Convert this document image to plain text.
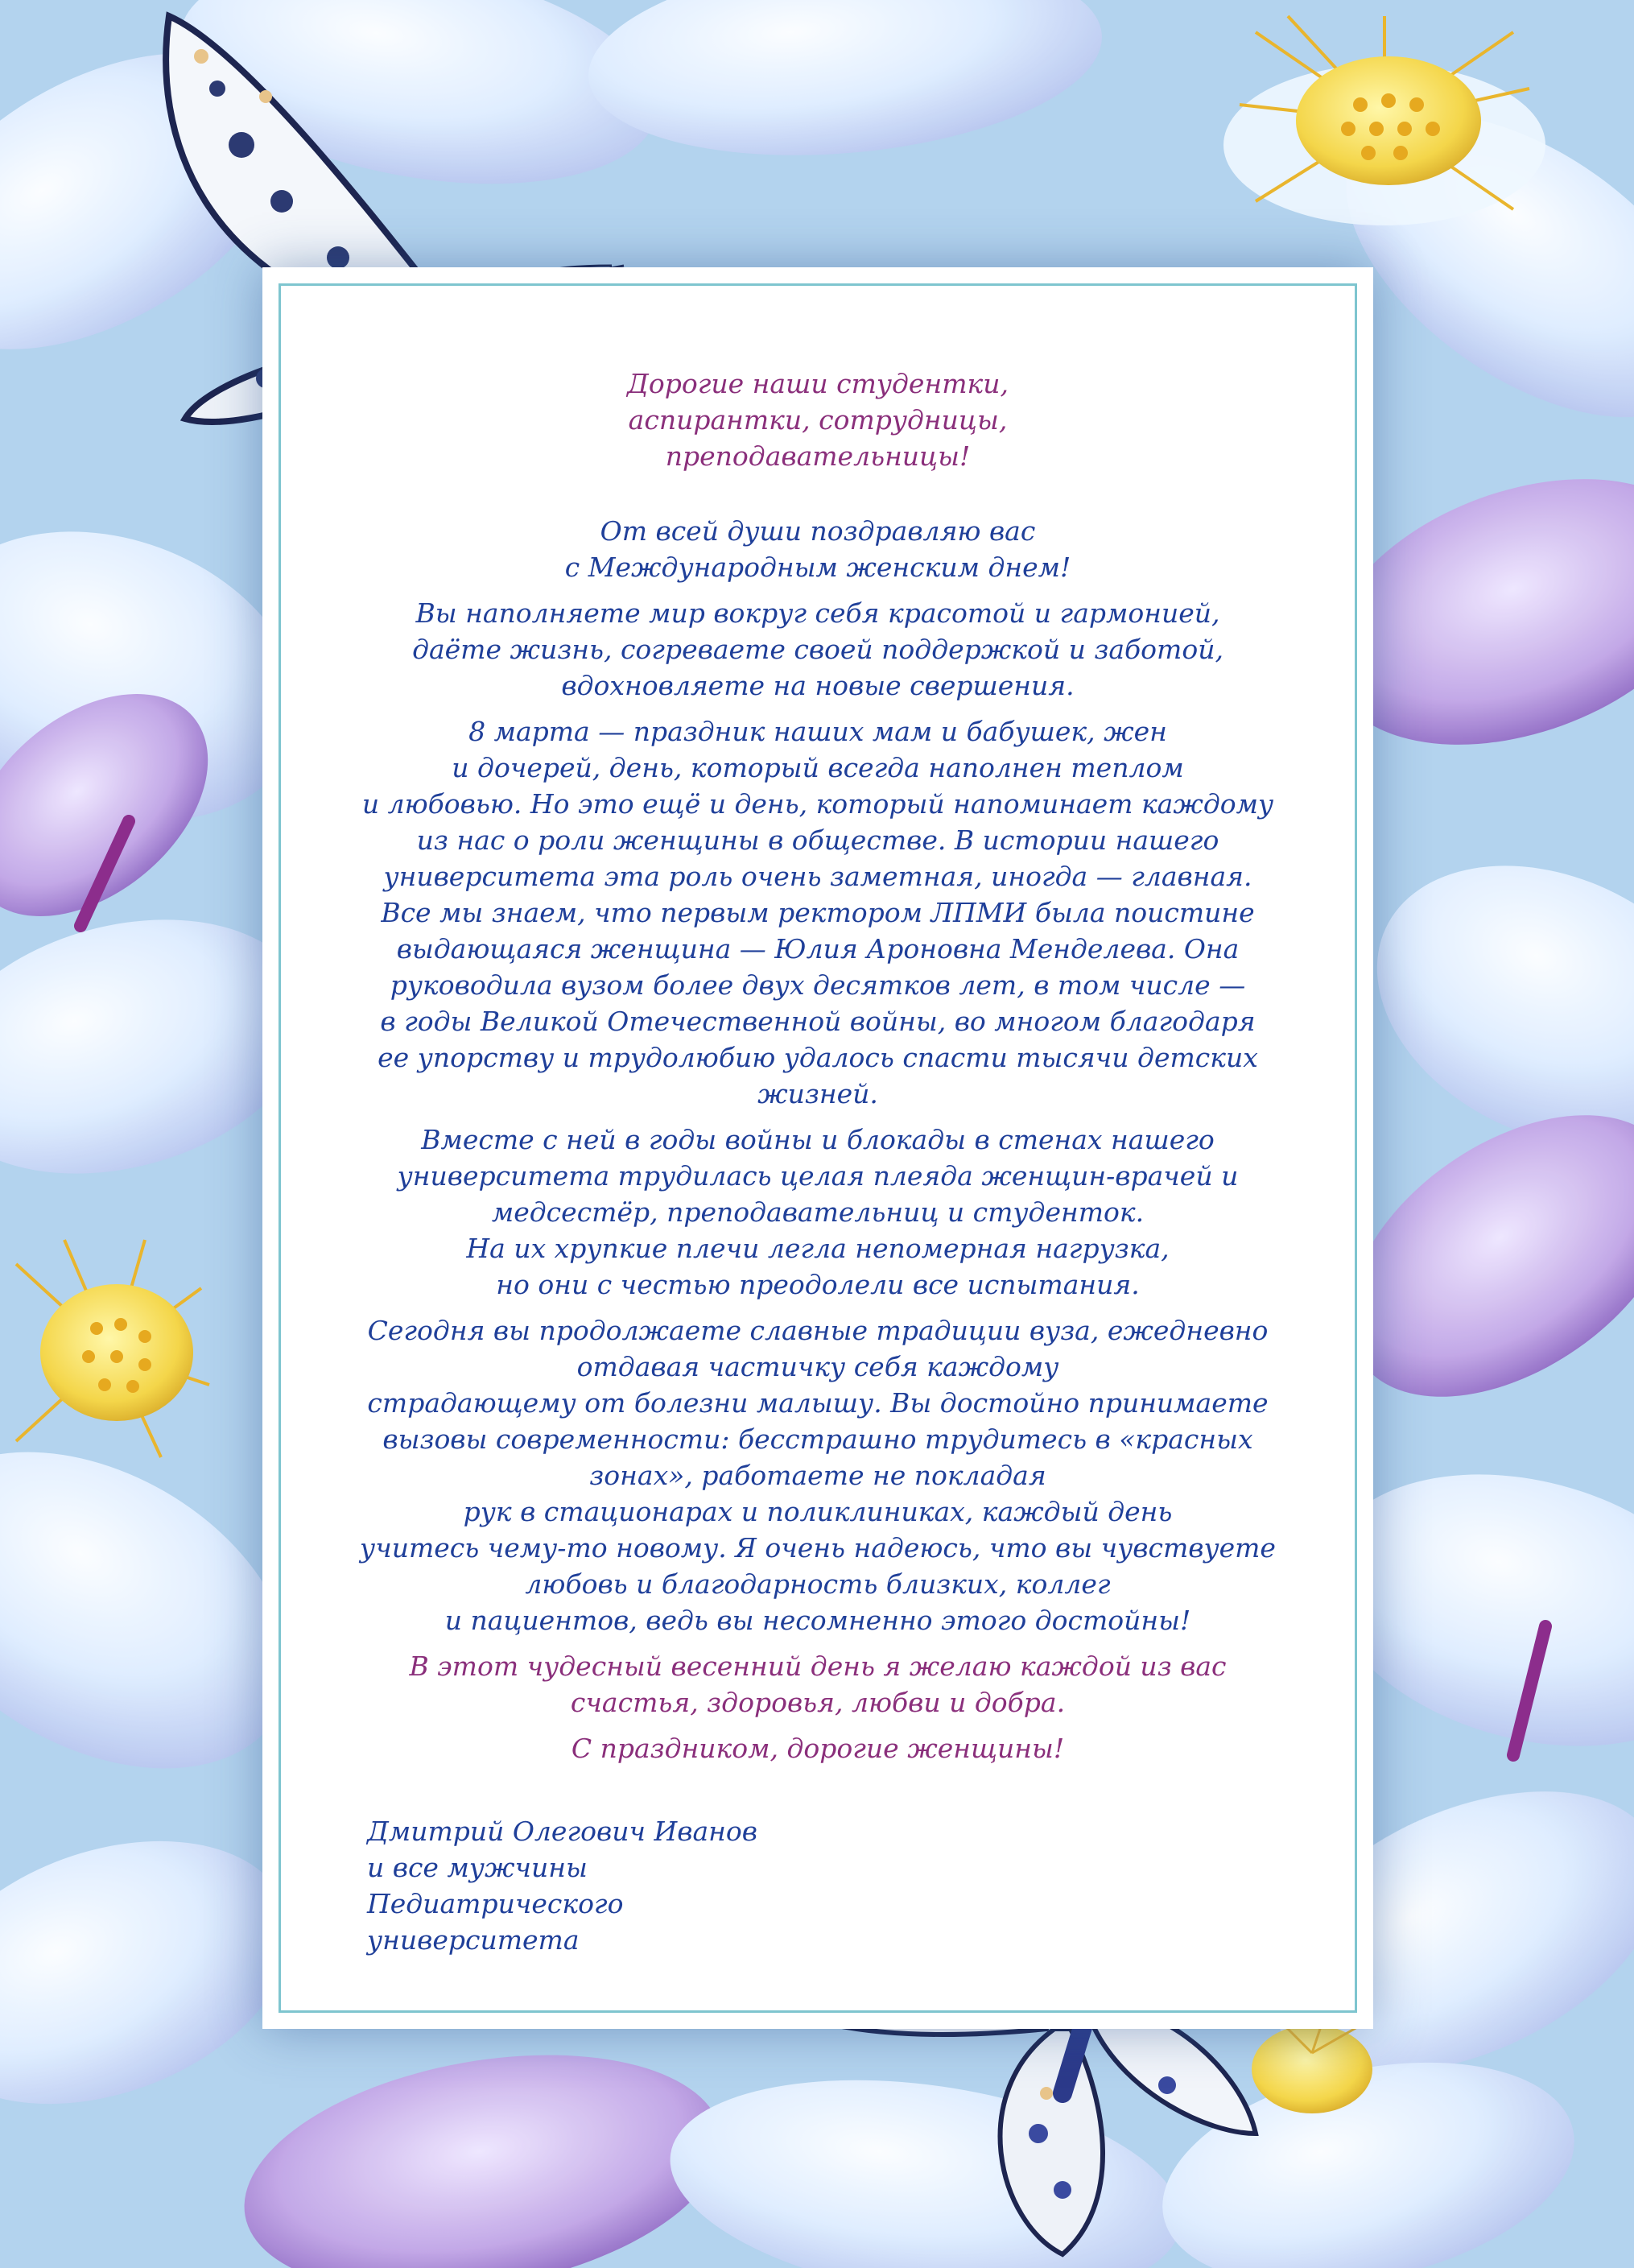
Дорогие наши студентки,
аспирантки, сотрудницы,
преподавательницы!
От всей души поздравляю вас
с Международным женским днем!
Вы наполняете мир вокруг себя красотой и гармонией,
даёте жизнь, согреваете своей поддержкой и заботой,
вдохновляете на новые свершения.
8 марта — праздник наших мам и бабушек, жен
и дочерей, день, который всегда наполнен теплом
и любовью. Но это ещё и день, который напоминает каждому
из нас о роли женщины в обществе. В истории нашего
университета эта роль очень заметная, иногда — главная.
Все мы знаем, что первым ректором ЛПМИ была поистине
выдающаяся женщина — Юлия Ароновна Менделева. Она
руководила вузом более двух десятков лет, в том числе —
в годы Великой Отечественной войны, во многом благодаря
ее упорству и трудолюбию удалось спасти тысячи детских
жизней.
Вместе с ней в годы войны и блокады в стенах нашего
университета трудилась целая плеяда женщин-врачей и
медсестёр, преподавательниц и студенток.
На их хрупкие плечи легла непомерная нагрузка,
но они с честью преодолели все испытания.
Сегодня вы продолжаете славные традиции вуза, ежедневно
отдавая частичку себя каждому
страдающему от болезни малышу. Вы достойно принимаете
вызовы современности: бесстрашно трудитесь в «красных
зонах», работаете не покладая
рук в стационарах и поликлиниках, каждый день
учитесь чему-то новому. Я очень надеюсь, что вы чувствуете
любовь и благодарность близких, коллег
и пациентов, ведь вы несомненно этого достойны!
В этот чудесный весенний день я желаю каждой из вас
счастья, здоровья, любви и добра.
С праздником, дорогие женщины!
Дмитрий Олегович Иванов
и все мужчины
Педиатрического
университета
